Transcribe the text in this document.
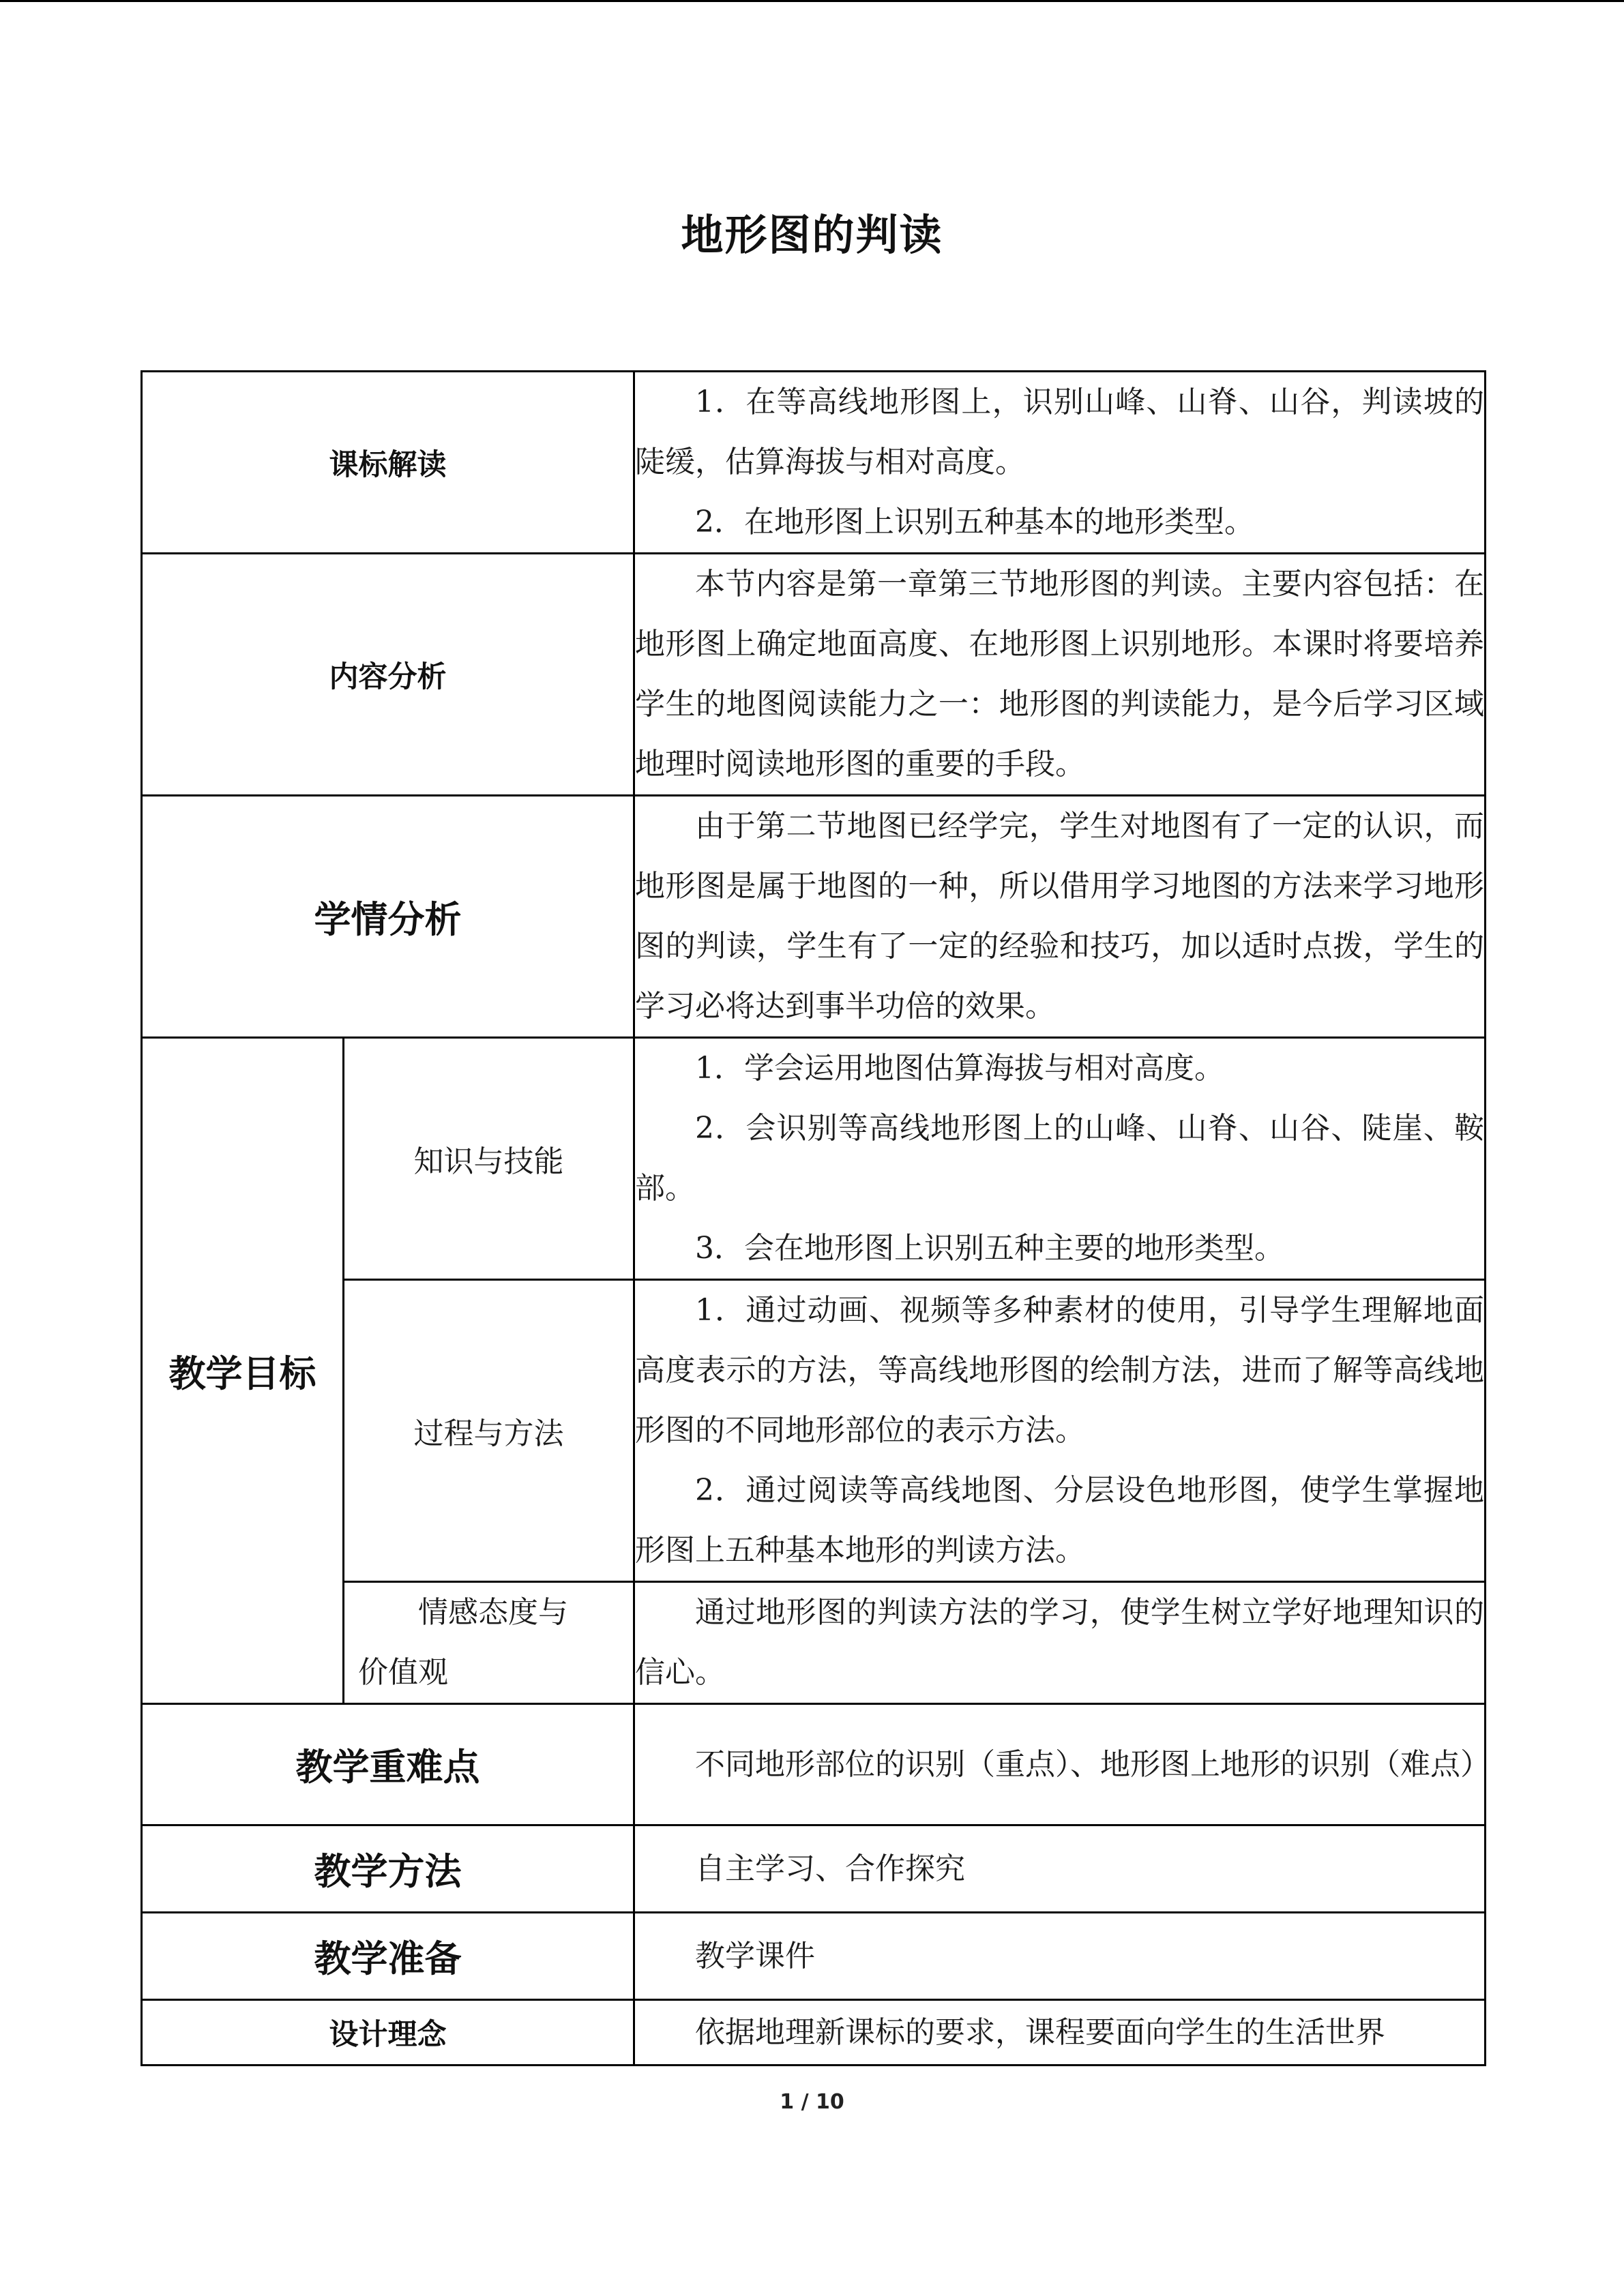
地形图的判读
课标解读		1．在等高线地形图上，识别山峰、山脊、山谷，判读坡的陡缓，估算海拔与相对高度。

2．在地形图上识别五种基本的地形类型。

内容分析		本节内容是第一章第三节地形图的判读。主要内容包括：在地形图上确定地面高度、在地形图上识别地形。本课时将要培养学生的地图阅读能力之一：地形图的判读能力，是今后学习区域地理时阅读地形图的重要的手段。

学情分析		由于第二节地图已经学完，学生对地图有了一定的认识，而地形图是属于地图的一种，所以借用学习地图的方法来学习地形图的判读，学生有了一定的经验和技巧，加以适时点拨，学生的学习必将达到事半功倍的效果。

教学目标	知识与技能	1．学会运用地图估算海拔与相对高度。

2．会识别等高线地形图上的山峰、山脊、山谷、陡崖、鞍部。

3．会在地形图上识别五种主要的地形类型。

	过程与方法	1．通过动画、视频等多种素材的使用，引导学生理解地面高度表示的方法，等高线地形图的绘制方法，进而了解等高线地形图的不同地形部位的表示方法。

2．通过阅读等高线地图、分层设色地形图，使学生掌握地形图上五种基本地形的判读方法。

	情感态度与
价值观	通过地形图的判读方法的学习，使学生树立学好地理知识的信心。

教学重难点		不同地形部位的识别（重点）、地形图上地形的识别（难点）

教学方法		自主学习、合作探究

教学准备		教学课件

设计理念		依据地理新课标的要求，课程要面向学生的生活世界

1 / 10
